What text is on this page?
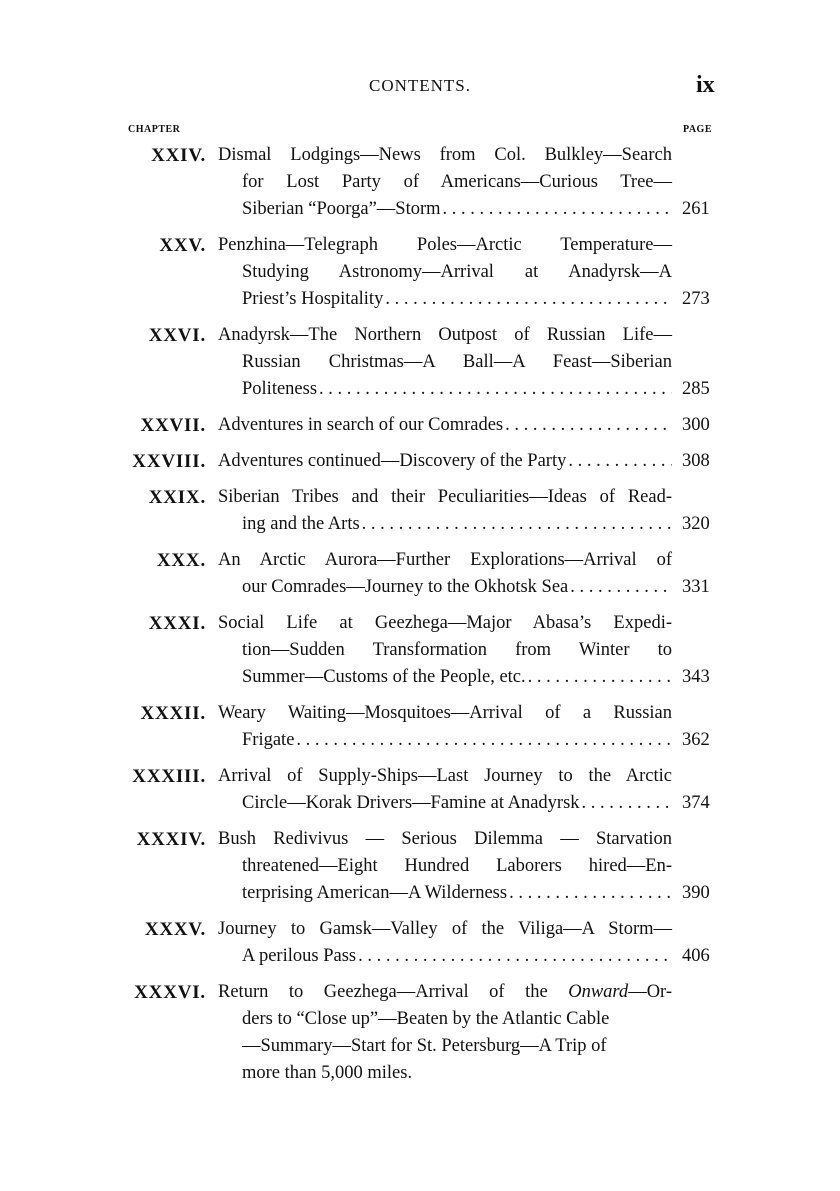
CONTENTS.	ix
CHAPTER	PAGE
XXIV. Dismal Lodgings—News from Col. Bulkley—Search
for Lost Party of Americans—Curious Tree—
Siberian “Poorga”—Storm . . .	261
XXV. Penzhina—Telegraph Poles—Arctic Temperature—
Studying Astronomy—Arrival at Anadyrsk—A
Priest’s Hospitality . . .	273
XXVI. Anadyrsk—The Northern Outpost of Russian Life—
Russian Christmas—A Ball—A Feast—Siberian
Politeness . . .	285
XXVII. Adventures in search of our Comrades . . .	300
XXVIII. Adventures continued—Discovery of the Party . . .	308
XXIX. Siberian Tribes and their Peculiarities—Ideas of Read-
ing and the Arts . . .	320
XXX. An Arctic Aurora—Further Explorations—Arrival of
our Comrades—Journey to the Okhotsk Sea . . .	331
XXXI. Social Life at Geezhega—Major Abasa’s Expedi-
tion—Sudden Transformation from Winter to
Summer—Customs of the People, etc. . . .	343
XXXII. Weary Waiting—Mosquitoes—Arrival of a Russian
Frigate . . .	362
XXXIII. Arrival of Supply-Ships—Last Journey to the Arctic
Circle—Korak Drivers—Famine at Anadyrsk . . .	374
XXXIV. Bush Redivivus — Serious Dilemma — Starvation
threatened—Eight Hundred Laborers hired—En-
terprising American—A Wilderness . . .	390
XXXV. Journey to Gamsk—Valley of the Viliga—A Storm—
A perilous Pass . . .	406
XXXVI. Return to Geezhega—Arrival of the Onward—Or-
ders to “Close up”—Beaten by the Atlantic Cable
—Summary—Start for St. Petersburg—A Trip of
more than 5,000 miles.
